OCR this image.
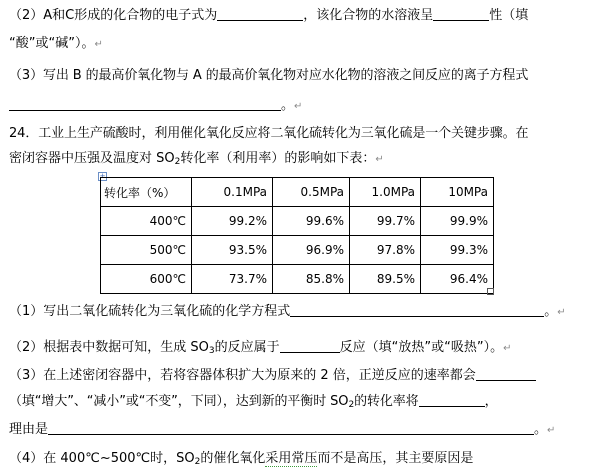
（2）A和C形成的化合物的电子式为	，该化合物的水溶液呈	性（填
“酸”或“碱”）。↵
（3）写出 B 的最高价氧化物与 A 的最高价氧化物对应水化物的溶液之间反应的离子方程式
。↵
24．工业上生产硫酸时，利用催化氧化反应将二氧化硫转化为三氧化硫是一个关键步骤。在
密闭容器中压强及温度对 $SO_2$转化率（利用率）的影响如下表：↵
+
转化率（%）	0.1MPa	0.5MPa	1.0MPa	10MPa
400℃	99.2%	99.6%	99.7%	99.9%
500℃	93.5%	96.9%	97.8%	99.3%
600℃	73.7%	85.8%	89.5%	96.4%
（1）写出二氧化硫转化为三氧化硫的化学方程式	。↵
（2）根据表中数据可知，生成 $SO_3$的反应属于	反应（填“放热”或“吸热”）。↵
（3）在上述密闭容器中，若将容器体积扩大为原来的 2 倍，正逆反应的速率都会
（填“增大”、“减小”或“不变”，下同），达到新的平衡时 $SO_2$的转化率将	，
理由是	。↵
（4）在 400℃~500℃时，$SO_2$的催化氧化采用常压而不是高压，其主要原因是
